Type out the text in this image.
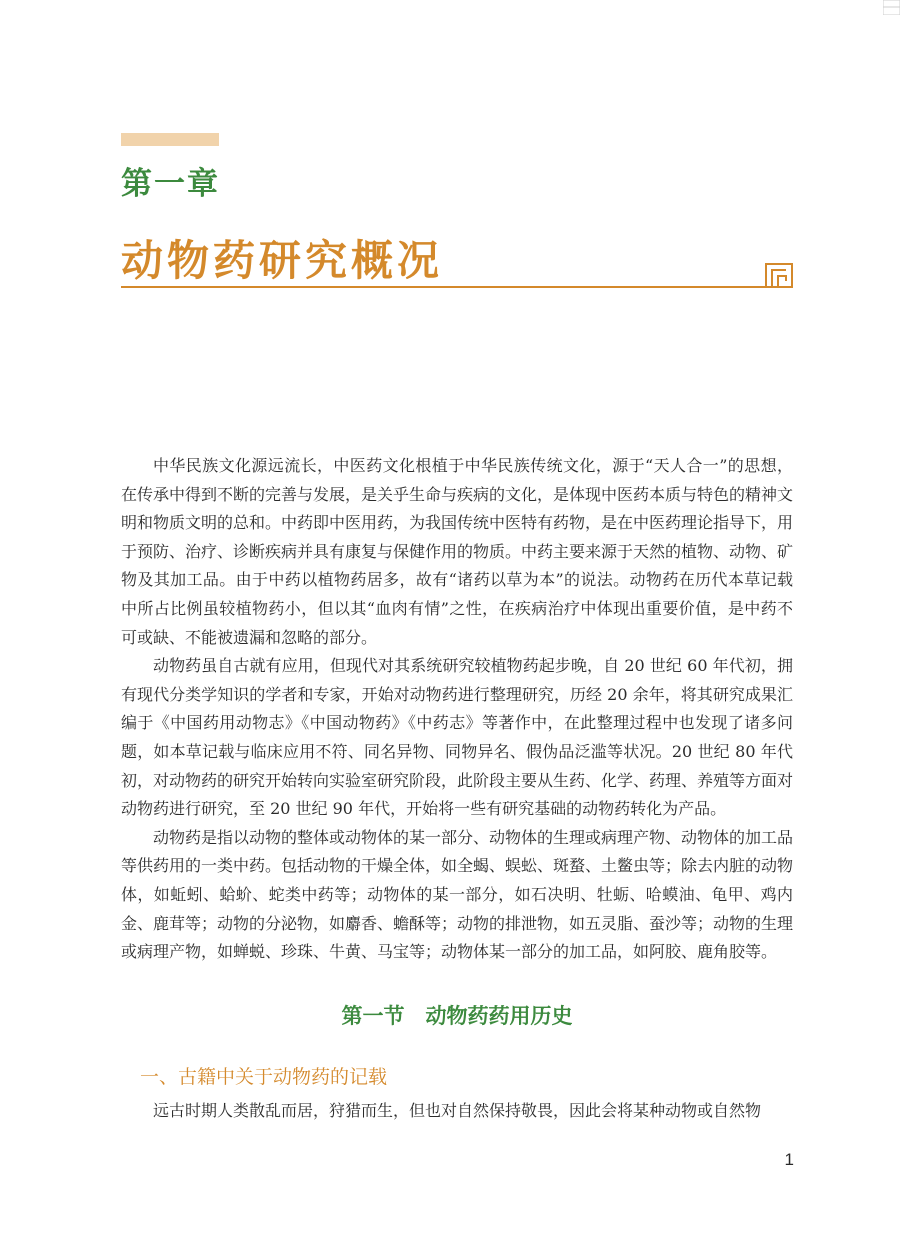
第一章
动物药研究概况

中华民族文化源远流长，中医药文化根植于中华民族传统文化，源于“天人合一”的思想，在传承中得到不断的完善与发展，是关乎生命与疾病的文化，是体现中医药本质与特色的精神文明和物质文明的总和。中药即中医用药，为我国传统中医特有药物，是在中医药理论指导下，用于预防、治疗、诊断疾病并具有康复与保健作用的物质。中药主要来源于天然的植物、动物、矿物及其加工品。由于中药以植物药居多，故有“诸药以草为本”的说法。动物药在历代本草记载中所占比例虽较植物药小，但以其“血肉有情”之性，在疾病治疗中体现出重要价值，是中药不可或缺、不能被遗漏和忽略的部分。

动物药虽自古就有应用，但现代对其系统研究较植物药起步晚，自 20 世纪 60 年代初，拥有现代分类学知识的学者和专家，开始对动物药进行整理研究，历经 20 余年，将其研究成果汇编于《中国药用动物志》《中国动物药》《中药志》等著作中，在此整理过程中也发现了诸多问题，如本草记载与临床应用不符、同名异物、同物异名、假伪品泛滥等状况。20 世纪 80 年代初，对动物药的研究开始转向实验室研究阶段，此阶段主要从生药、化学、药理、养殖等方面对动物药进行研究，至 20 世纪 90 年代，开始将一些有研究基础的动物药转化为产品。

动物药是指以动物的整体或动物体的某一部分、动物体的生理或病理产物、动物体的加工品等供药用的一类中药。包括动物的干燥全体，如全蝎、蜈蚣、斑蝥、土鳖虫等；除去内脏的动物体，如蚯蚓、蛤蚧、蛇类中药等；动物体的某一部分，如石决明、牡蛎、哈蟆油、龟甲、鸡内金、鹿茸等；动物的分泌物，如麝香、蟾酥等；动物的排泄物，如五灵脂、蚕沙等；动物的生理或病理产物，如蝉蜕、珍珠、牛黄、马宝等；动物体某一部分的加工品，如阿胶、鹿角胶等。

第一节　动物药药用历史
一、古籍中关于动物药的记载
远古时期人类散乱而居，狩猎而生，但也对自然保持敬畏，因此会将某种动物或自然物
1
